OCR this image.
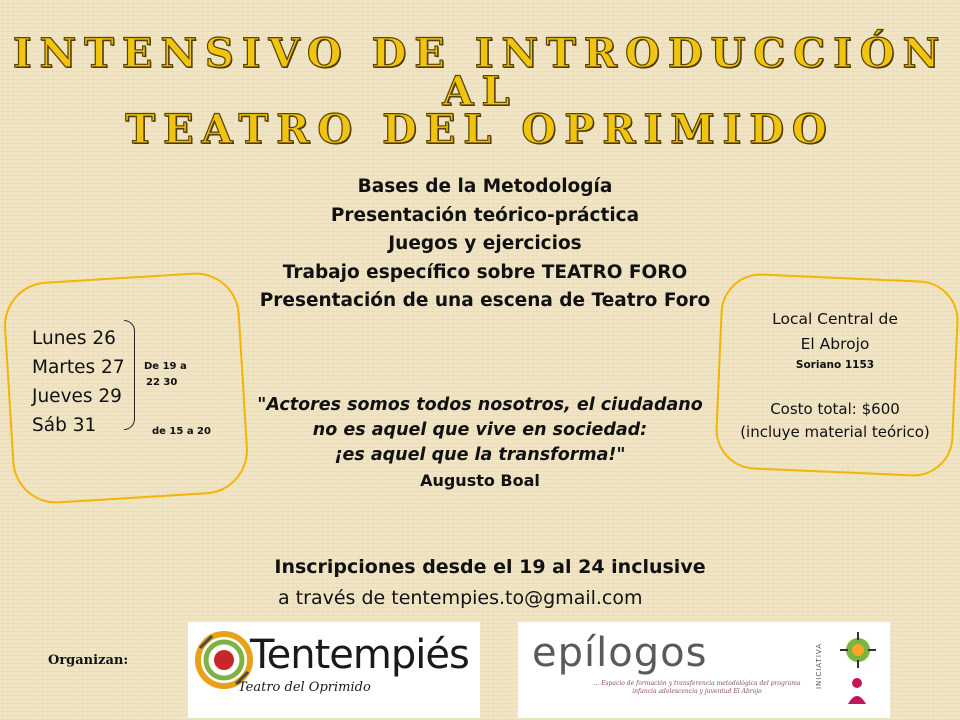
INTENSIVO DE INTRODUCCIÓN
AL
TEATRO DEL OPRIMIDO
Bases de la Metodología
Presentación teórico-práctica
Juegos y ejercicios
Trabajo específico sobre TEATRO FORO
Presentación de una escena de Teatro Foro
Lunes 26
Martes 27
Jueves 29
Sáb 31
De 19 a
22 30
de 15 a 20
Local Central de
El Abrojo
Soriano 1153
Costo total: $600
(incluye material teórico)
"Actores somos todos nosotros, el ciudadano
no es aquel que vive en sociedad:
¡es aquel que la transforma!"
Augusto Boal
Inscripciones desde el 19 al 24 inclusive
a través de tentempies.to@gmail.com
Organizan:	Tentempiés
Teatro del Oprimido
epílogos
... Espacio de formación y transferencia metodológica del programa infancia adolescencia y juventud El Abrojo
INICIATIVA
